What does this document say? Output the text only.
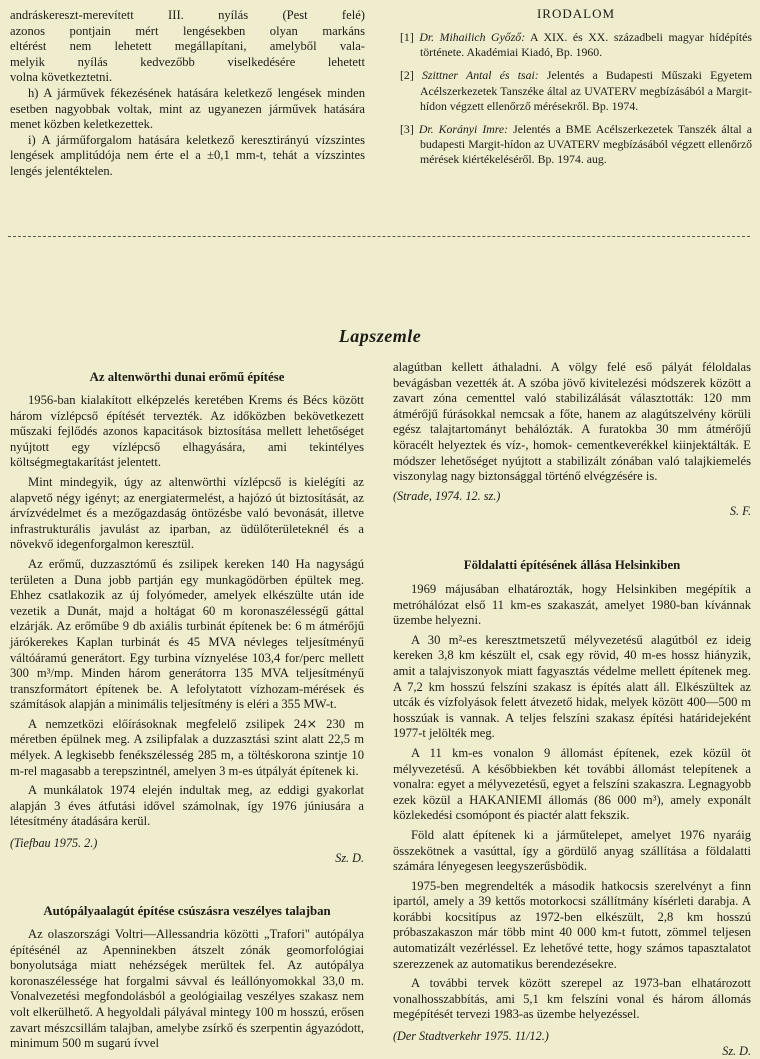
andráskereszt-merevített III. nyílás (Pest felé)
azonos pontjain mért lengésekben olyan markáns
eltérést nem lehetett megállapítani, amelyből vala-
melyik nyílás kedvezőbb viselkedésére lehetett
volna következtetni.

h) A járművek fékezésének hatására keletkező lengések minden esetben nagyobbak voltak, mint az ugyanezen járművek hatására menet közben keletkezettek.

i) A járműforgalom hatására keletkező keresztirányú vízszintes lengések amplitúdója nem érte el a ±0,1 mm-t, tehát a vízszintes lengés jelentéktelen.

IRODALOM

[1] Dr. Mihailich Győző: A XIX. és XX. századbeli magyar hídépítés története. Akadémiai Kiadó, Bp. 1960.

[2] Szittner Antal és tsai: Jelentés a Budapesti Műszaki Egyetem Acélszerkezetek Tanszéke által az UVATERV megbízásából a Margit-hídon végzett ellenőrző mérésekről. Bp. 1974.

[3] Dr. Korányi Imre: Jelentés a BME Acélszerkezetek Tanszék által a budapesti Margit-hídon az UVATERV megbízásából végzett ellenőrző mérések kiértékeléséről. Bp. 1974. aug.

Lapszemle
Az altenwörthi dunai erőmű építése

1956-ban kialakított elképzelés keretében Krems és Bécs között három vízlépcső építését tervezték. Az időközben bekövetkezett műszaki fejlődés azonos kapacitások biztosítása mellett lehetőséget nyújtott egy vízlépcső elhagyására, ami tekintélyes költségmegtakarítást jelentett.

Mint mindegyik, úgy az altenwörthi vízlépcső is kielégíti az alapvető négy igényt; az energiatermelést, a hajózó út biztosítását, az árvízvédelmet és a mezőgazdaság öntözésbe való bevonását, illetve infrastrukturális javulást az iparban, az üdülőterületeknél és a növekvő idegenforgalmon keresztül.

Az erőmű, duzzasztómű és zsilipek kereken 140 Ha nagyságú területen a Duna jobb partján egy munkagödörben épültek meg. Ehhez csatlakozik az új folyómeder, amelyek elkészülte után ide vezetik a Dunát, majd a holtágat 60 m koronaszélességű gáttal elzárják. Az erőműbe 9 db axiális turbinát építenek be: 6 m átmérőjű járókerekes Kaplan turbinát és 45 MVA névleges teljesítményű váltóáramú generátort. Egy turbina víznyelése 103,4 for/perc mellett 300 m³/mp. Minden három generátorra 135 MVA teljesítményű transzformátort építenek be. A lefolytatott vízhozam-mérések és számítások alapján a minimális teljesítmény is eléri a 355 MW-t.

A nemzetközi előírásoknak megfelelő zsilipek 24⨯ 230 m méretben épülnek meg. A zsilipfalak a duzzasztási szint alatt 22,5 m mélyek. A legkisebb fenékszélesség 285 m, a töltéskorona szintje 10 m-rel magasabb a terepszintnél, amelyen 3 m-es útpályát építenek ki.

A munkálatok 1974 elején indultak meg, az eddigi gyakorlat alapján 3 éves átfutási idővel számolnak, így 1976 júniusára a létesítmény átadására kerül.

(Tiefbau 1975. 2.)

Sz. D.

Autópályaalagút építése csúszásra veszélyes talajban

Az olaszországi Voltri—Allessandria közötti „Trafori" autópálya építésénél az Apenninekben átszelt zónák geomorfológiai bonyolutsága miatt nehézségek merültek fel. Az autópálya koronaszélessége hat forgalmi sávval és leállónyomokkal 33,0 m. Vonalvezetési megfondolásból a geológiailag veszélyes szakasz nem volt elkerülhető. A hegyoldali pályával mintegy 100 m hosszú, erősen zavart mészcsillám talajban, amelybe zsírkő és szerpentin ágyazódott, minimum 500 m sugarú ívvel

alagútban kellett áthaladni. A völgy felé eső pályát féloldalas bevágásban vezették át. A szóba jövő kivitelezési módszerek között a zavart zóna cementtel való stabilizálását választották: 120 mm átmérőjű fúrásokkal nemcsak a főte, hanem az alagútszelvény körüli egész talajtartományt behálózták. A furatokba 30 mm átmérőjű köracélt helyeztek és víz-, homok- cementkeverékkel kiinjektálták. E módszer lehetőséget nyújtott a stabilizált zónában való talajkiemelés viszonylag nagy biztonsággal történő elvégzésére is.

(Strade, 1974. 12. sz.)

S. F.

Földalatti építésének állása Helsinkiben

1969 májusában elhatározták, hogy Helsinkiben megépítik a metróhálózat első 11 km-es szakaszát, amelyet 1980-ban kívánnak üzembe helyezni.

A 30 m²-es keresztmetszetű mélyvezetésű alagútból ez ideig kereken 3,8 km készült el, csak egy rövid, 40 m-es hossz hiányzik, amit a talajviszonyok miatt fagyasztás védelme mellett építenek meg. A 7,2 km hosszú felszíni szakasz is építés alatt áll. Elkészültek az utcák és vízfolyások felett átvezető hidak, melyek között 400—500 m hosszúak is vannak. A teljes felszíni szakasz építési határidejeként 1977-t jelölték meg.

A 11 km-es vonalon 9 állomást építenek, ezek közül öt mélyvezetésű. A későbbiekben két további állomást telepítenek a vonalra: egyet a mélyvezetésű, egyet a felszíni szakaszra. Legnagyobb ezek közül a HAKANIEMI állomás (86 000 m³), amely exponált közlekedési csomópont és piactér alatt fekszik.

Föld alatt építenek ki a járműtelepet, amelyet 1976 nyaráig összekötnek a vasúttal, így a gördülő anyag szállítása a földalatti számára lényegesen leegyszerűsbödik.

1975-ben megrendelték a második hatkocsis szerelvényt a finn ipartól, amely a 39 kettős motorkocsi szállítmány kísérleti darabja. A korábbi kocsitípus az 1972-ben elkészült, 2,8 km hosszú próbaszakaszon már több mint 40 000 km-t futott, zömmel teljesen automatizált vezérléssel. Ez lehetővé tette, hogy számos tapasztalatot szerezzenek az automatikus berendezésekre.

A további tervek között szerepel az 1973-ban elhatározott vonalhosszabbítás, ami 5,1 km felszíni vonal és három állomás megépítését tervezi 1983-as üzembe helyezéssel.

(Der Stadtverkehr 1975. 11/12.)

Sz. D.
